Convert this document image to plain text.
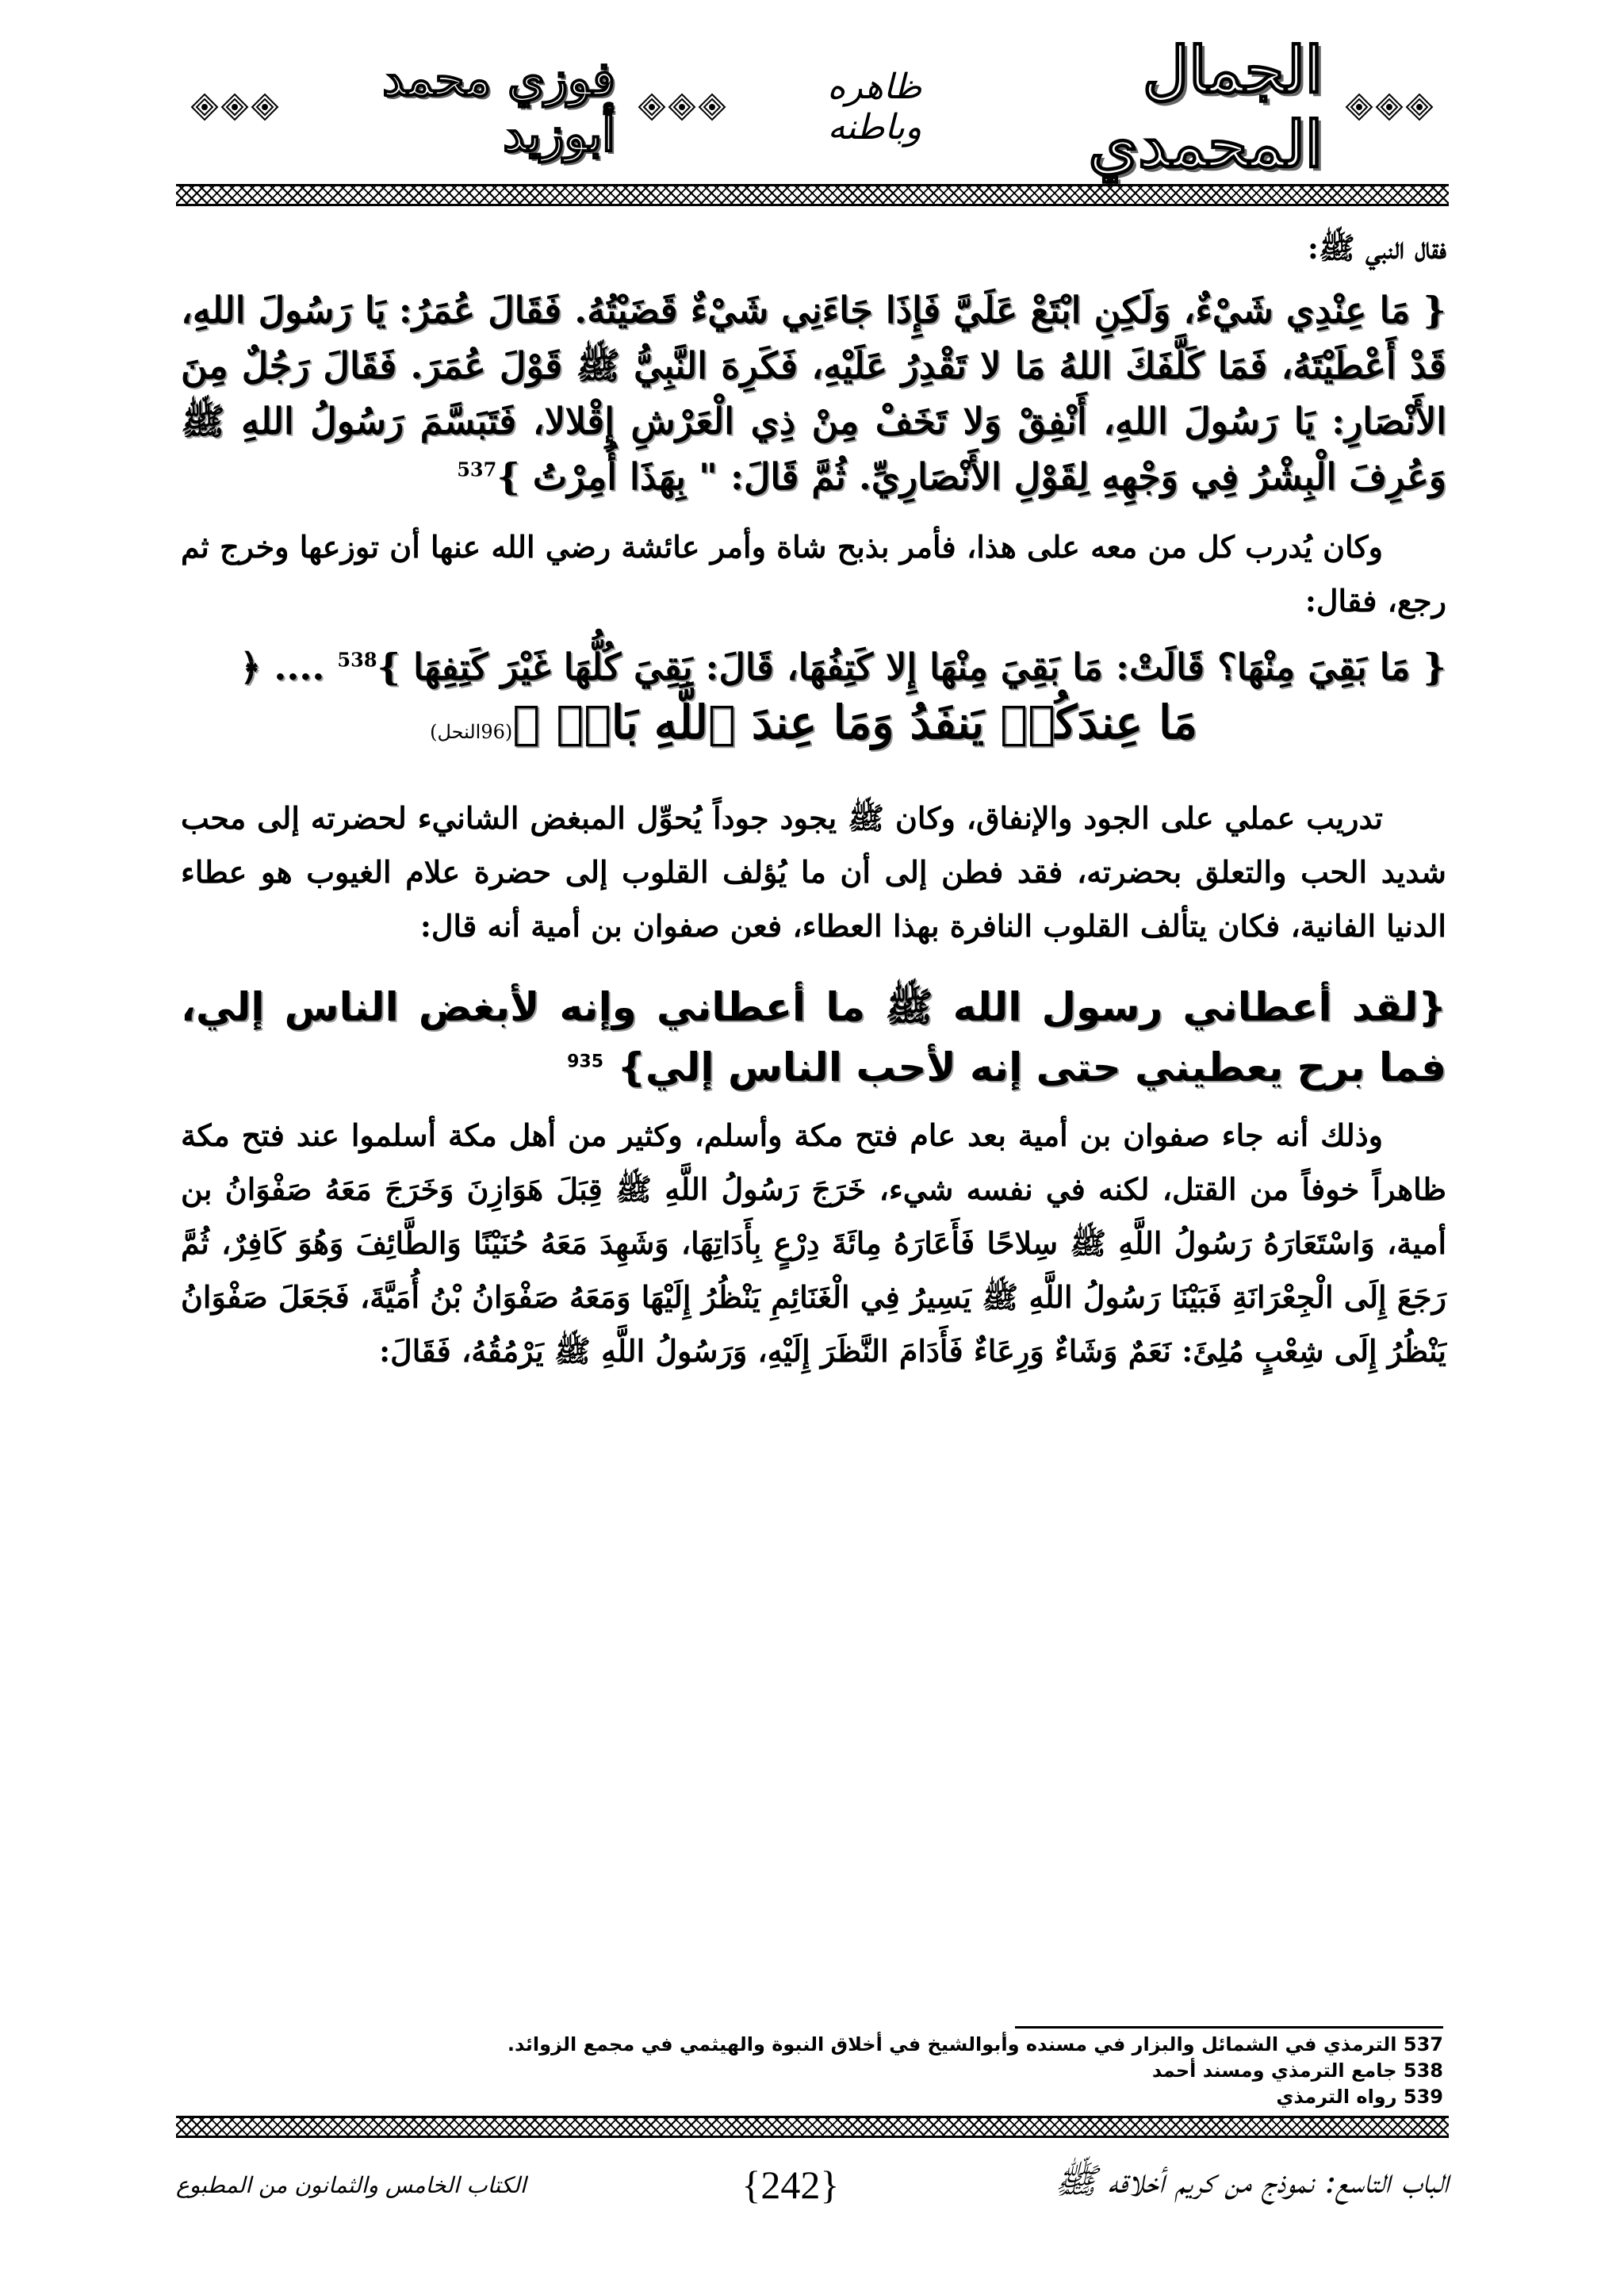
فوزي محمد أبوزيد
ظاهره وباطنه
الجمال المحمدي

فقال النبي ﷺ:

{ مَا عِنْدِي شَيْءٌ، وَلَكِنِ ابْتَعْ عَلَيَّ فَإِذَا جَاءَنِي شَيْءٌ قَضَيْتُهُ. فَقَالَ عُمَرُ: يَا رَسُولَ اللهِ، قَدْ أَعْطَيْتَهُ، فَمَا كَلَّفَكَ اللهُ مَا لا تَقْدِرُ عَلَيْهِ، فَكَرِهَ النَّبِيُّ ﷺ قَوْلَ عُمَرَ. فَقَالَ رَجُلٌ مِنَ الأَنْصَارِ: يَا رَسُولَ اللهِ، أَنْفِقْ وَلا تَخَفْ مِنْ ذِي الْعَرْشِ إِقْلالا، فَتَبَسَّمَ رَسُولُ اللهِ ﷺ وَعُرِفَ الْبِشْرُ فِي وَجْهِهِ لِقَوْلِ الأَنْصَارِيِّ. ثُمَّ قَالَ: " بِهَذَا أُمِرْتُ }$^{537}$

وكان يُدرب كل من معه على هذا، فأمر بذبح شاة وأمر عائشة رضي الله عنها أن توزعها وخرج ثم رجع، فقال:

{ مَا بَقِيَ مِنْهَا؟ قَالَتْ: مَا بَقِيَ مِنْهَا إِلا كَتِفُهَا، قَالَ: بَقِيَ كُلُّهَا غَيْرَ كَتِفِهَا }$^{538}$ .... ﴿

مَا عِندَكُمۡ يَنفَدُ وَمَا عِندَ ٱللَّهِ بَاقٖ ﴾(96النحل)

تدريب عملي على الجود والإنفاق، وكان ﷺ يجود جوداً يُحوِّل المبغض الشانيء لحضرته إلى محب شديد الحب والتعلق بحضرته، فقد فطن إلى أن ما يُؤلف القلوب إلى حضرة علام الغيوب هو عطاء الدنيا الفانية، فكان يتألف القلوب النافرة بهذا العطاء، فعن صفوان بن أمية أنه قال:

{لقد أعطاني رسول الله ﷺ ما أعطاني وإنه لأبغض الناس إلي، فما برح يعطيني حتى إنه لأحب الناس إلي} $^{935}$

وذلك أنه جاء صفوان بن أمية بعد عام فتح مكة وأسلم، وكثير من أهل مكة أسلموا عند فتح مكة ظاهراً خوفاً من القتل، لكنه في نفسه شيء، خَرَجَ رَسُولُ اللَّهِ ﷺ قِبَلَ هَوَازِنَ وَخَرَجَ مَعَهُ صَفْوَانُ بن أمية، وَاسْتَعَارَهُ رَسُولُ اللَّهِ ﷺ سِلاحًا فَأَعَارَهُ مِائَةَ دِرْعٍ بِأَدَاتِهَا، وَشَهِدَ مَعَهُ حُنَيْنًا وَالطَّائِفَ وَهُوَ كَافِرٌ، ثُمَّ رَجَعَ إِلَى الْجِعْرَانَةِ فَبَيْنَا رَسُولُ اللَّهِ ﷺ يَسِيرُ فِي الْغَنَائِمِ يَنْظُرُ إِلَيْهَا وَمَعَهُ صَفْوَانُ بْنُ أُمَيَّةَ، فَجَعَلَ صَفْوَانُ يَنْظُرُ إِلَى شِعْبٍ مُلِئَ: نَعَمٌ وَشَاءٌ وَرِعَاءٌ فَأَدَامَ النَّظَرَ إِلَيْهِ، وَرَسُولُ اللَّهِ ﷺ يَرْمُقُهُ، فَقَالَ:

537 الترمذي في الشمائل والبزار في مسنده وأبوالشيخ في أخلاق النبوة والهيثمي في مجمع الزوائد.
538 جامع الترمذي ومسند أحمد
539 رواه الترمذي
الباب التاسع: نموذج من كريم أخلاقه ﷺ
{242}
الكتاب الخامس والثمانون من المطبوع
